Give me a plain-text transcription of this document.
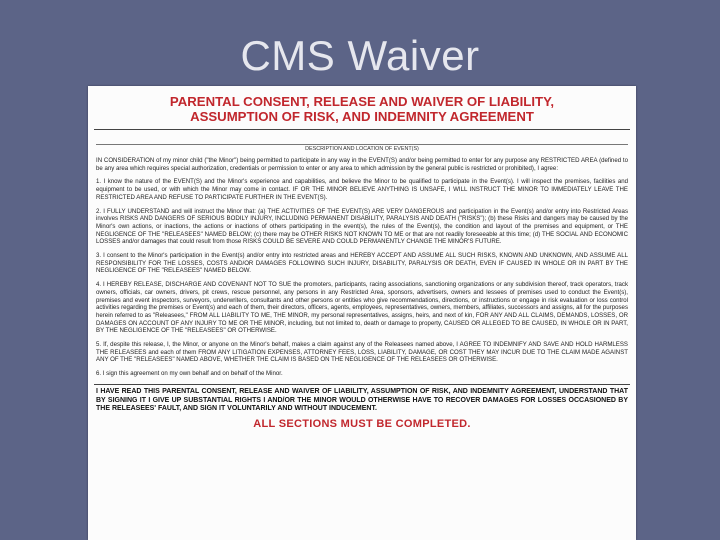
CMS Waiver
PARENTAL CONSENT, RELEASE AND WAIVER OF LIABILITY,
ASSUMPTION OF RISK, AND INDEMNITY AGREEMENT
DESCRIPTION AND LOCATION OF EVENT(S)
IN CONSIDERATION of my minor child ("the Minor") being permitted to participate in any way in the EVENT(S) and/or being permitted to enter for any purpose any RESTRICTED AREA (defined to be any area which requires special authorization, credentials or permission to enter or any area to which admission by the general public is restricted or prohibited), I agree:
1. I know the nature of the EVENT(S) and the Minor's experience and capabilities, and believe the Minor to be qualified to participate in the Event(s). I will inspect the premises, facilities and equipment to be used, or with which the Minor may come in contact. IF OR THE MINOR BELIEVE ANYTHING IS UNSAFE, I WILL INSTRUCT THE MINOR TO IMMEDIATELY LEAVE THE RESTRICTED AREA AND REFUSE TO PARTICIPATE FURTHER IN THE EVENT(S).
2. I FULLY UNDERSTAND and will instruct the Minor that: (a) THE ACTIVITIES OF THE EVENT(S) ARE VERY DANGEROUS and participation in the Event(s) and/or entry into Restricted Areas involves RISKS AND DANGERS OF SERIOUS BODILY INJURY, INCLUDING PERMANENT DISABILITY, PARALYSIS AND DEATH ("RISKS"); (b) these Risks and dangers may be caused by the Minor's own actions, or inactions, the actions or inactions of others participating in the event(s), the rules of the Event(s), the condition and layout of the premises and equipment, or THE NEGLIGENCE OF THE "RELEASEES" NAMED BELOW; (c) there may be OTHER RISKS NOT KNOWN TO ME or that are not readily foreseeable at this time; (d) THE SOCIAL AND ECONOMIC LOSSES and/or damages that could result from those RISKS COULD BE SEVERE AND COULD PERMANENTLY CHANGE THE MINOR'S FUTURE.
3. I consent to the Minor's participation in the Event(s) and/or entry into restricted areas and HEREBY ACCEPT AND ASSUME ALL SUCH RISKS, KNOWN AND UNKNOWN, AND ASSUME ALL RESPONSIBILITY FOR THE LOSSES, COSTS AND/OR DAMAGES FOLLOWING SUCH INJURY, DISABILITY, PARALYSIS OR DEATH, EVEN IF CAUSED IN WHOLE OR IN PART BY THE NEGLIGENCE OF THE "RELEASEES" NAMED BELOW.
4. I HEREBY RELEASE, DISCHARGE AND COVENANT NOT TO SUE the promoters, participants, racing associations, sanctioning organizations or any subdivision thereof, track operators, track owners, officials, car owners, drivers, pit crews, rescue personnel, any persons in any Restricted Area, sponsors, advertisers, owners and lessees of premises used to conduct the Event(s), premises and event inspectors, surveyors, underwriters, consultants and other persons or entities who give recommendations, directions, or instructions or engage in risk evaluation or loss control activities regarding the premises or Event(s) and each of them, their directors, officers, agents, employees, representatives, owners, members, affiliates, successors and assigns, all for the purposes herein referred to as "Releasees," FROM ALL LIABILITY TO ME, THE MINOR, my personal representatives, assigns, heirs, and next of kin, FOR ANY AND ALL CLAIMS, DEMANDS, LOSSES, OR DAMAGES ON ACCOUNT OF ANY INJURY TO ME OR THE MINOR, including, but not limited to, death or damage to property, CAUSED OR ALLEGED TO BE CAUSED, IN WHOLE OR IN PART, BY THE NEGLIGENCE OF THE "RELEASEES" OR OTHERWISE.
5. If, despite this release, I, the Minor, or anyone on the Minor's behalf, makes a claim against any of the Releasees named above, I AGREE TO INDEMNIFY AND SAVE AND HOLD HARMLESS THE RELEASEES and each of them FROM ANY LITIGATION EXPENSES, ATTORNEY FEES, LOSS, LIABILITY, DAMAGE, OR COST THEY MAY INCUR DUE TO THE CLAIM MADE AGAINST ANY OF THE "RELEASEES" NAMED ABOVE, WHETHER THE CLAIM IS BASED ON THE NEGLIGENCE OF THE RELEASEES OR OTHERWISE.
6. I sign this agreement on my own behalf and on behalf of the Minor.
I HAVE READ THIS PARENTAL CONSENT, RELEASE AND WAIVER OF LIABILITY, ASSUMPTION OF RISK, AND INDEMNITY AGREEMENT, UNDERSTAND THAT BY SIGNING IT I GIVE UP SUBSTANTIAL RIGHTS I AND/OR THE MINOR WOULD OTHERWISE HAVE TO RECOVER DAMAGES FOR LOSSES OCCASIONED BY THE RELEASEES' FAULT, AND SIGN IT VOLUNTARILY AND WITHOUT INDUCEMENT.
ALL SECTIONS MUST BE COMPLETED.
